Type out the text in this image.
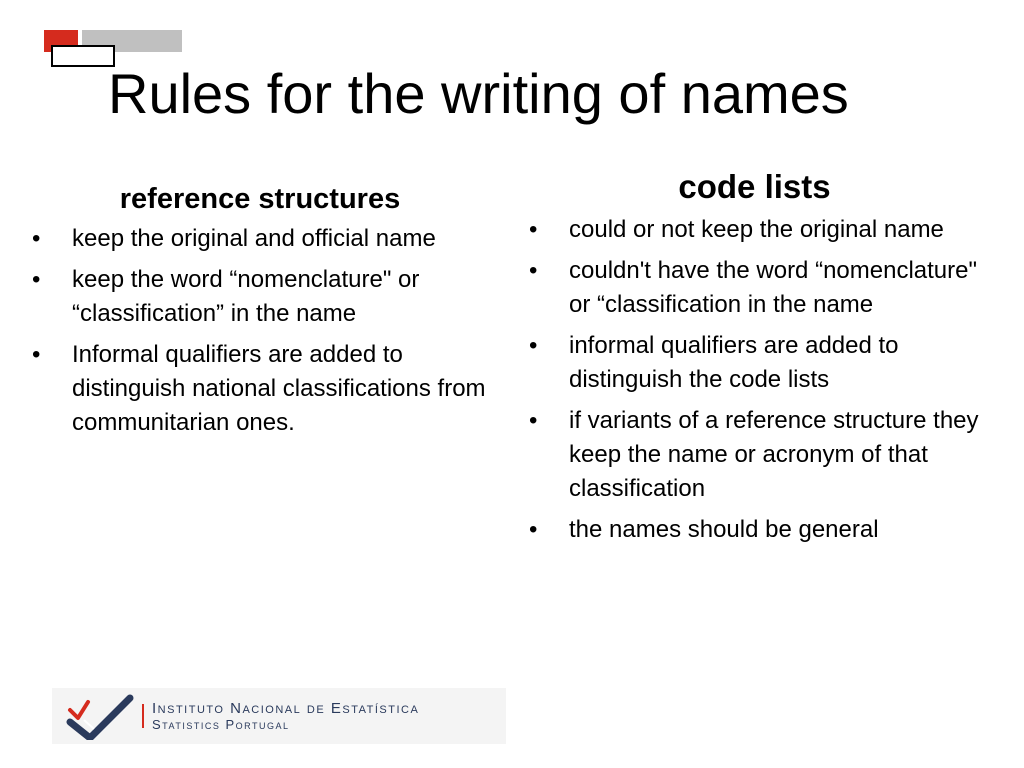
Rules for the writing of names
reference structures
•	keep the original and official name
•	keep the word “nomenclature" or “classification” in the name
•	Informal qualifiers are added to distinguish national classifications from communitarian ones.
code lists
•	could or not keep the original name
•	couldn't have the word “nomenclature" or “classification in the name
•	informal qualifiers are added to distinguish the code lists
•	if variants of a reference structure they keep the name or acronym of that classification
•	the names should be general
Instituto Nacional de Estatística
Statistics Portugal
